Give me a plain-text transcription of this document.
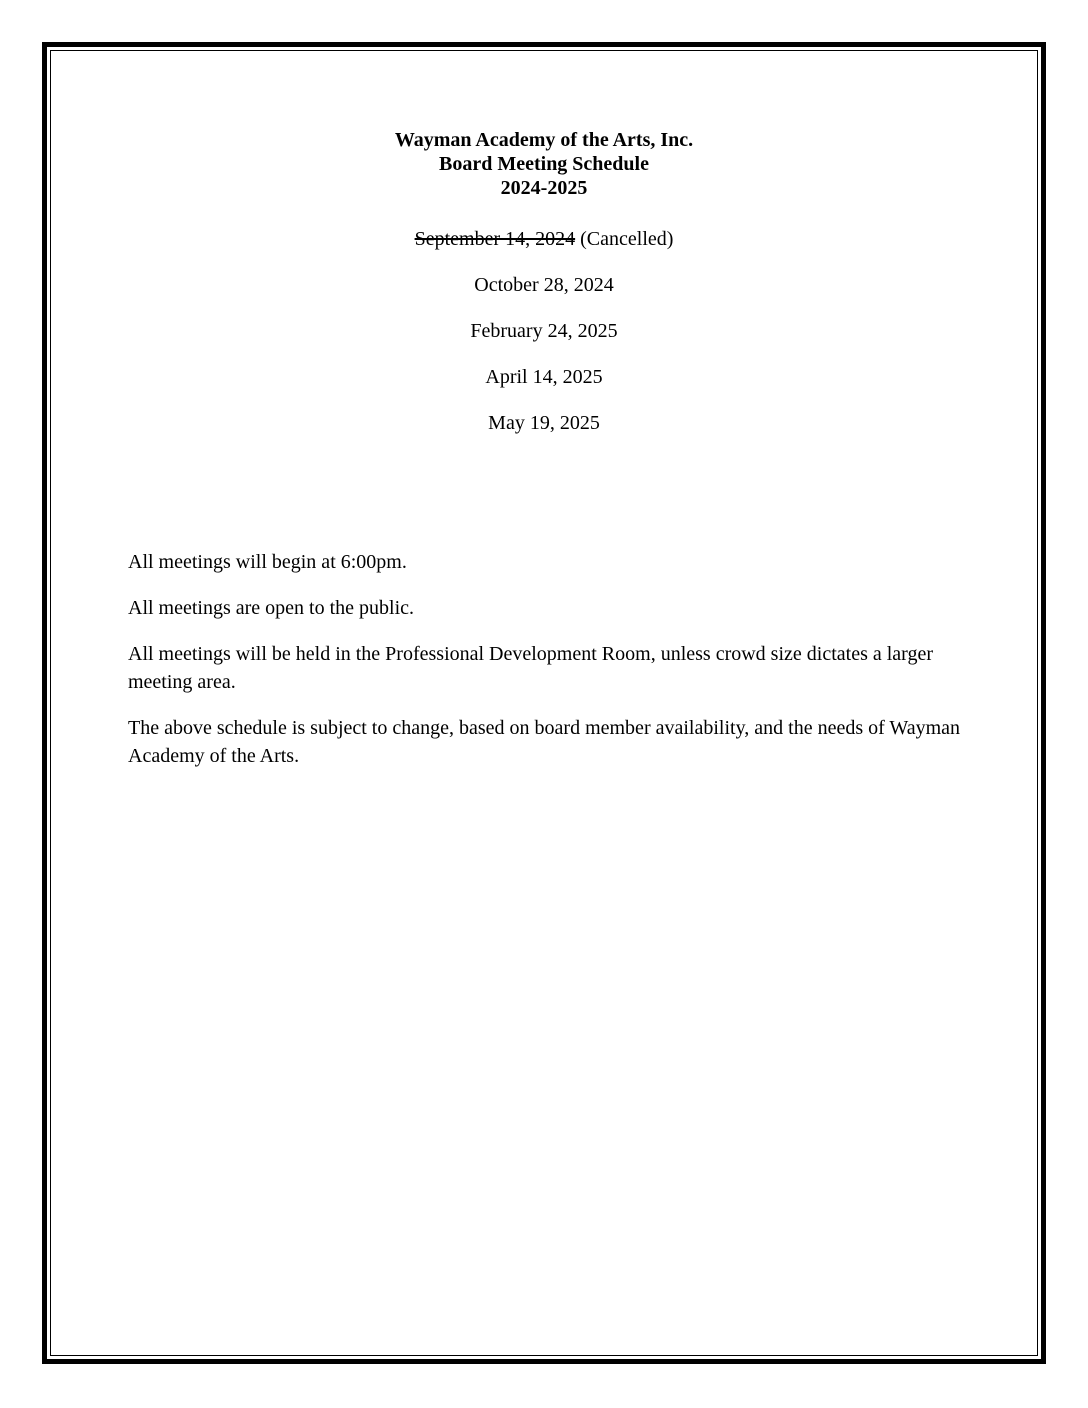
Wayman Academy of the Arts, Inc.
Board Meeting Schedule
2024-2025
September 14, 2024 (Cancelled)
October 28, 2024
February 24, 2025
April 14, 2025
May 19, 2025

All meetings will begin at 6:00pm.

All meetings are open to the public.

All meetings will be held in the Professional Development Room, unless crowd size dictates a larger meeting area.

The above schedule is subject to change, based on board member availability, and the needs of Wayman Academy of the Arts.
